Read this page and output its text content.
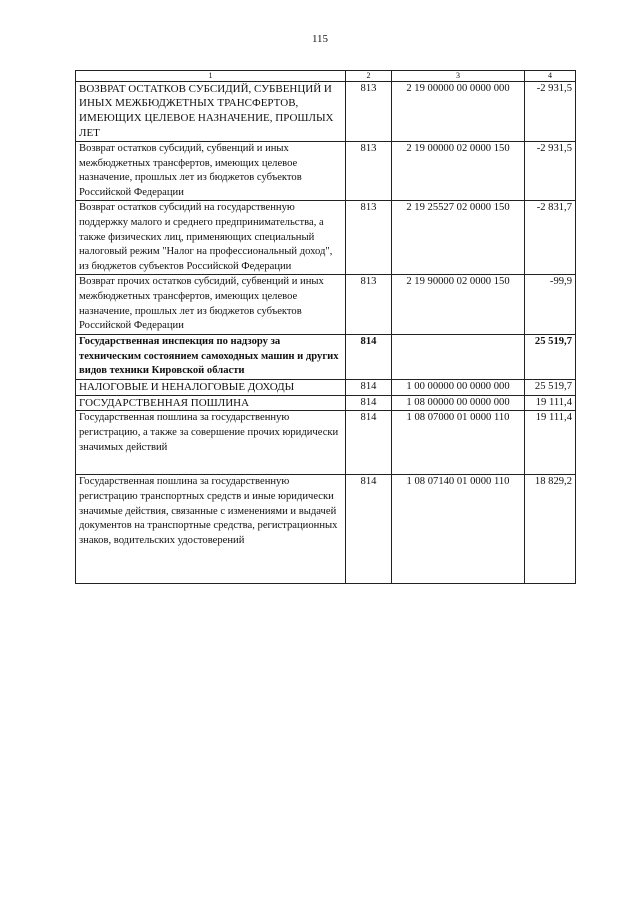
115
1	2	3	4
ВОЗВРАТ ОСТАТКОВ СУБСИДИЙ, СУБВЕНЦИЙ И ИНЫХ МЕЖБЮДЖЕТНЫХ ТРАНСФЕРТОВ, ИМЕЮЩИХ ЦЕЛЕВОЕ НАЗНАЧЕНИЕ, ПРОШЛЫХ ЛЕТ	813	2 19 00000 00 0000 000	-2 931,5
Возврат остатков субсидий, субвенций и иных межбюджетных трансфертов, имеющих целевое назначение, прошлых лет из бюджетов субъектов Российской Федерации	813	2 19 00000 02 0000 150	-2 931,5
Возврат остатков субсидий на государственную поддержку малого и среднего предпринимательства, а также физических лиц, применяющих специальный налоговый режим "Налог на профессиональный доход", из бюджетов субъектов Российской Федерации	813	2 19 25527 02 0000 150	-2 831,7
Возврат прочих остатков субсидий, субвенций и иных межбюджетных трансфертов, имеющих целевое назначение, прошлых лет из бюджетов субъектов Российской Федерации	813	2 19 90000 02 0000 150	-99,9
Государственная инспекция по надзору за техническим состоянием самоходных машин и других видов техники Кировской области	814		25 519,7
НАЛОГОВЫЕ И НЕНАЛОГОВЫЕ ДОХОДЫ	814	1 00 00000 00 0000 000	25 519,7
ГОСУДАРСТВЕННАЯ ПОШЛИНА	814	1 08 00000 00 0000 000	19 111,4
Государственная пошлина за государственную регистрацию, а также за совершение прочих юридически значимых действий	814	1 08 07000 01 0000 110	19 111,4
Государственная пошлина за государственную регистрацию транспортных средств и иные юридически значимые действия, связанные с изменениями и выдачей документов на транспортные средства, регистрационных знаков, водительских удостоверений	814	1 08 07140 01 0000 110	18 829,2
